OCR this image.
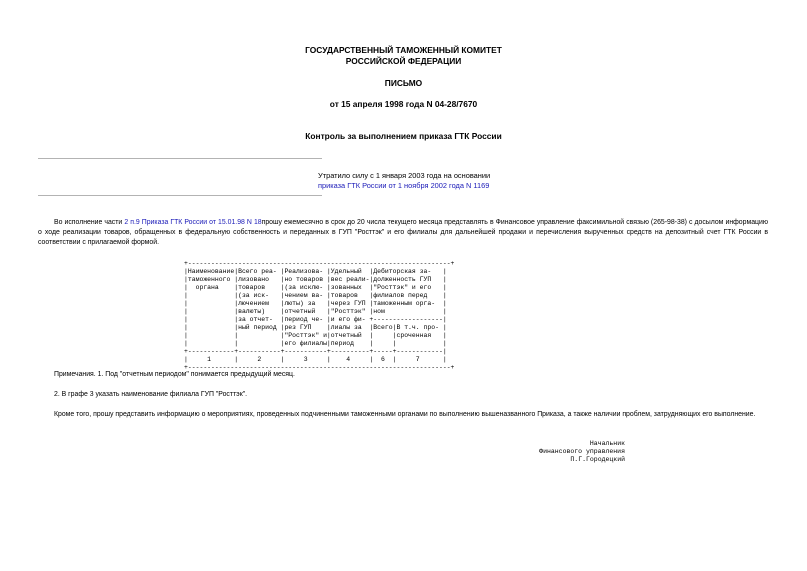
ГОСУДАРСТВЕННЫЙ ТАМОЖЕННЫЙ КОМИТЕТ
РОССИЙСКОЙ ФЕДЕРАЦИИ
ПИСЬМО
от 15 апреля 1998 года N 04-28/7670
Контроль за выполнением приказа ГТК России
Утратило силу с 1 января 2003 года на основании
приказа ГТК России от 1 ноября 2002 года N 1169
Во исполнение части 2 п.9 Приказа ГТК России от 15.01.98 N 18прошу ежемесячно в срок до 20 числа текущего месяца представлять в Финансовое управление факсимильной связью (265-98-38) с досылом информацию о ходе реализации товаров, обращенных в федеральную собственность и переданных в ГУП "Росттэк" и его филиалы для дальнейшей продажи и перечисления вырученных средств на депозитный счет ГТК России в соответствии с прилагаемой формой.
+--------------------------------------------------------------------+
|Наименование|Всего реа- |Реализова- |Удельный  |Дебиторская за-   |
|таможенного |лизовано   |но товаров |вес реали-|долженность ГУП   |
|  органа    |товаров    |(за исклю- |зованных  |"Росттэк" и его   |
|            |(за иск-   |чением ва- |товаров   |филиалов перед    |
|            |лючением   |люты) за   |через ГУП |таможенным орга-  |
|            |валюты)    |отчетный   |"Росттэк" |ном               |
|            |за отчет-  |период че- |и его фи- +------------------|
|            |ный период |рез ГУП    |лиалы за  |Всего|В т.ч. про- |
|            |           |"Росттэк" и|отчетный  |     |сроченная   |
|            |           |его филиалы|период    |     |            |
+------------+-----------+-----------+----------+-----+------------|
|     1      |     2     |     3     |    4     |  6  |     7      |
+--------------------------------------------------------------------+
Примечания. 1. Под "отчетным периодом" понимается предыдущий месяц.
2. В графе 3 указать наименование филиала ГУП "Росттэк".
Кроме того, прошу представить информацию о мероприятиях, проведенных подчиненными таможенными органами по выполнению вышеназванного Приказа, а также наличии проблем, затрудняющих его выполнение.
Начальник
Финансового управления
П.Г.Городецкий
